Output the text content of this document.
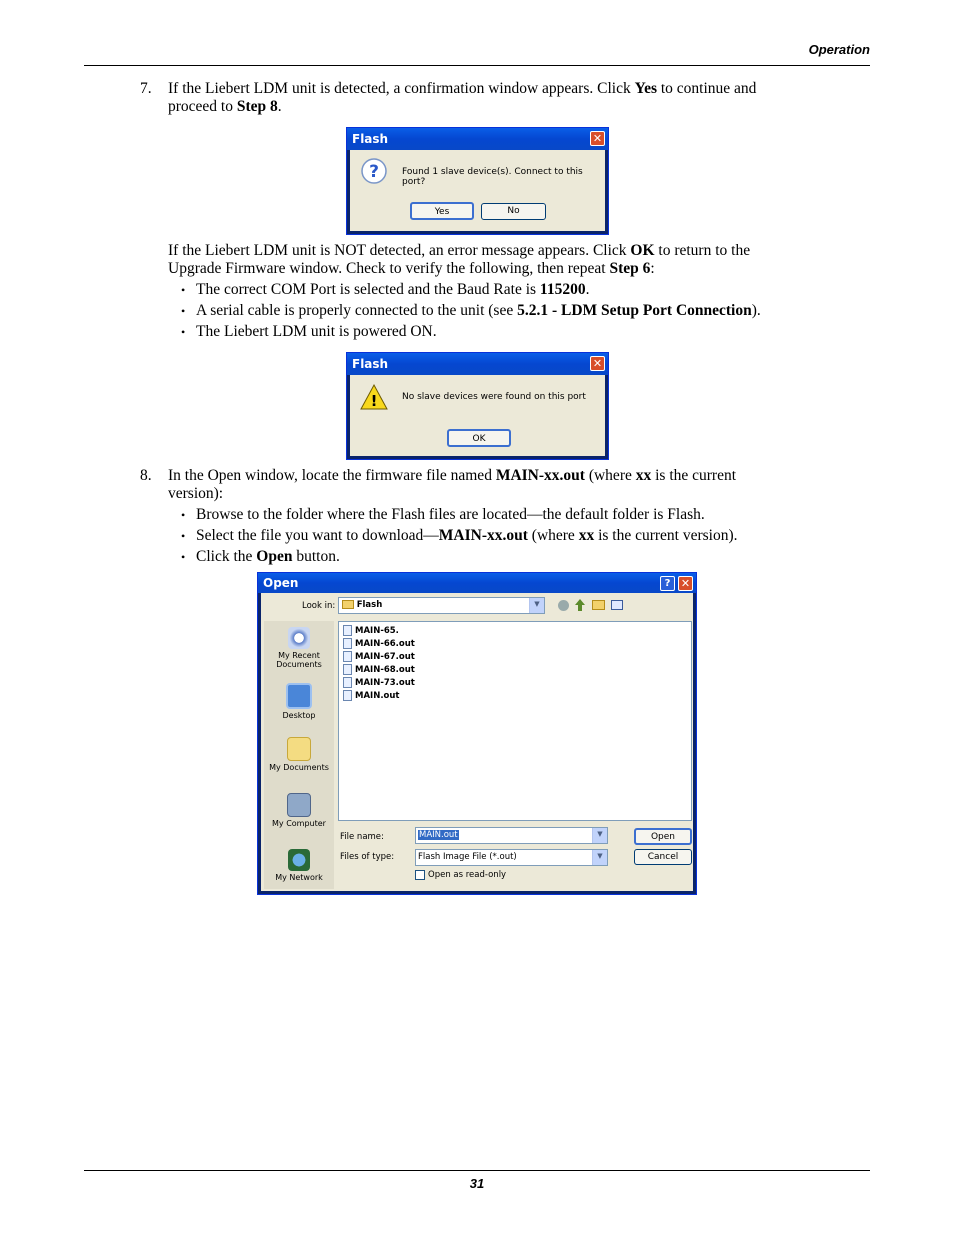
Operation
7. If the Liebert LDM unit is detected, a confirmation window appears. Click Yes to continue and
proceed to Step 8.
Flash	✕
?	Found 1 slave device(s). Connect to this port?
Yes	No
If the Liebert LDM unit is NOT detected, an error message appears. Click OK to return to the
Upgrade Firmware window. Check to verify the following, then repeat Step 6:
• The correct COM Port is selected and the Baud Rate is 115200.
• A serial cable is properly connected to the unit (see 5.2.1 - LDM Setup Port Connection).
• The Liebert LDM unit is powered ON.
Flash	✕
!	No slave devices were found on this port
OK
8. In the Open window, locate the firmware file named MAIN-xx.out (where xx is the current
version):
• Browse to the folder where the Flash files are located—the default folder is Flash.
• Select the file you want to download—MAIN-xx.out (where xx is the current version).
• Click the Open button.
Open	? ✕
Look in:	Flash	▼
My Recent Documents
Desktop
My Documents
My Computer
My Network
MAIN-65.
MAIN-66.out
MAIN-67.out
MAIN-68.out
MAIN-73.out
MAIN.out
File name:	MAIN.out	▼
Files of type:	Flash Image File (*.out)	▼
Open as read-only
Open
Cancel
31
